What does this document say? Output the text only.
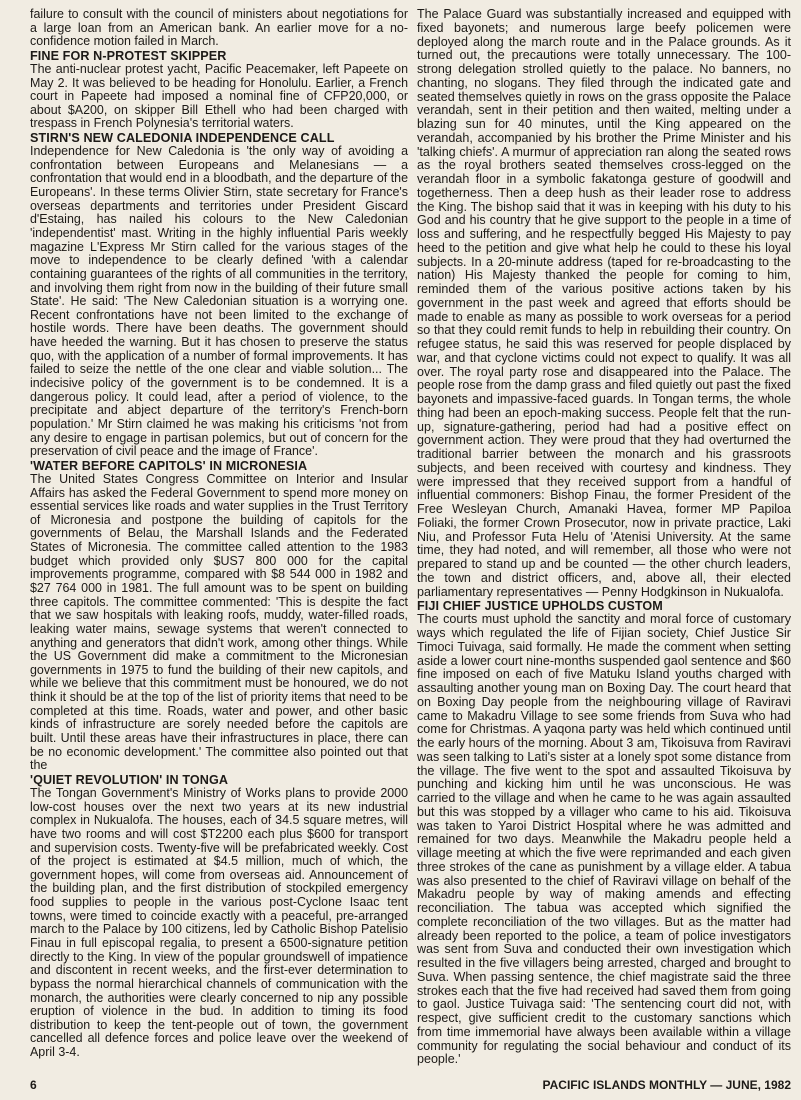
failure to consult with the council of ministers about negotiations for a large loan from an American bank. An earlier move for a no-confidence motion failed in March.

FINE FOR N-PROTEST SKIPPER

The anti-nuclear protest yacht, Pacific Peacemaker, left Papeete on May 2. It was believed to be heading for Honolulu. Earlier, a French court in Papeete had imposed a nominal fine of CFP20,000, or about $A200, on skipper Bill Ethell who had been charged with trespass in French Polynesia's territorial waters.

STIRN'S NEW CALEDONIA INDEPENDENCE CALL

Independence for New Caledonia is 'the only way of avoiding a confrontation between Europeans and Melanesians — a confrontation that would end in a bloodbath, and the departure of the Europeans'. In these terms Olivier Stirn, state secretary for France's overseas departments and territories under President Giscard d'Estaing, has nailed his colours to the New Caledonian 'independentist' mast. Writing in the highly influential Paris weekly magazine L'Express Mr Stirn called for the various stages of the move to independence to be clearly defined 'with a calendar containing guarantees of the rights of all communities in the territory, and involving them right from now in the building of their future small State'. He said: 'The New Caledonian situation is a worrying one. Recent confrontations have not been limited to the exchange of hostile words. There have been deaths. The government should have heeded the warning. But it has chosen to preserve the status quo, with the application of a number of formal improvements. It has failed to seize the nettle of the one clear and viable solution... The indecisive policy of the government is to be condemned. It is a dangerous policy. It could lead, after a period of violence, to the precipitate and abject departure of the territory's French-born population.' Mr Stirn claimed he was making his criticisms 'not from any desire to engage in partisan polemics, but out of concern for the preservation of civil peace and the image of France'.

'WATER BEFORE CAPITOLS' IN MICRONESIA

The United States Congress Committee on Interior and Insular Affairs has asked the Federal Government to spend more money on essential services like roads and water supplies in the Trust Territory of Micronesia and postpone the building of capitols for the governments of Belau, the Marshall Islands and the Federated States of Micronesia. The committee called attention to the 1983 budget which provided only $US7 800 000 for the capital improvements programme, compared with $8 544 000 in 1982 and $27 764 000 in 1981. The full amount was to be spent on building three capitols. The committee commented: 'This is despite the fact that we saw hospitals with leaking roofs, muddy, water-filled roads, leaking water mains, sewage systems that weren't connected to anything and generators that didn't work, among other things. While the US Government did make a commitment to the Micronesian governments in 1975 to fund the building of their new capitols, and while we believe that this commitment must be honoured, we do not think it should be at the top of the list of priority items that need to be completed at this time. Roads, water and power, and other basic kinds of infrastructure are sorely needed before the capitols are built. Until these areas have their infrastructures in place, there can be no economic development.' The committee also pointed out that the

'QUIET REVOLUTION' IN TONGA

The Tongan Government's Ministry of Works plans to provide 2000 low-cost houses over the next two years at its new industrial complex in Nukualofa. The houses, each of 34.5 square metres, will have two rooms and will cost $T2200 each plus $600 for transport and supervision costs. Twenty-five will be prefabricated weekly. Cost of the project is estimated at $4.5 million, much of which, the government hopes, will come from overseas aid. Announcement of the building plan, and the first distribution of stockpiled emergency food supplies to people in the various post-Cyclone Isaac tent towns, were timed to coincide exactly with a peaceful, pre-arranged march to the Palace by 100 citizens, led by Catholic Bishop Patelisio Finau in full episcopal regalia, to present a 6500-signature petition directly to the King. In view of the popular groundswell of impatience and discontent in recent weeks, and the first-ever determination to bypass the normal hierarchical channels of communication with the monarch, the authorities were clearly concerned to nip any possible eruption of violence in the bud. In addition to timing its food distribution to keep the tent-people out of town, the government cancelled all defence forces and police leave over the weekend of April 3-4.

The Palace Guard was substantially increased and equipped with fixed bayonets; and numerous large beefy policemen were deployed along the march route and in the Palace grounds. As it turned out, the precautions were totally unnecessary. The 100-strong delegation strolled quietly to the palace. No banners, no chanting, no slogans. They filed through the indicated gate and seated themselves quietly in rows on the grass opposite the Palace verandah, sent in their petition and then waited, melting under a blazing sun for 40 minutes, until the King appeared on the verandah, accompanied by his brother the Prime Minister and his 'talking chiefs'. A murmur of appreciation ran along the seated rows as the royal brothers seated themselves cross-legged on the verandah floor in a symbolic fakatonga gesture of goodwill and togetherness. Then a deep hush as their leader rose to address the King. The bishop said that it was in keeping with his duty to his God and his country that he give support to the people in a time of loss and suffering, and he respectfully begged His Majesty to pay heed to the petition and give what help he could to these his loyal subjects. In a 20-minute address (taped for re-broadcasting to the nation) His Majesty thanked the people for coming to him, reminded them of the various positive actions taken by his government in the past week and agreed that efforts should be made to enable as many as possible to work overseas for a period so that they could remit funds to help in rebuilding their country. On refugee status, he said this was reserved for people displaced by war, and that cyclone victims could not expect to qualify. It was all over. The royal party rose and disappeared into the Palace. The people rose from the damp grass and filed quietly out past the fixed bayonets and impassive-faced guards. In Tongan terms, the whole thing had been an epoch-making success. People felt that the run-up, signature-gathering, period had had a positive effect on government action. They were proud that they had overturned the traditional barrier between the monarch and his grassroots subjects, and been received with courtesy and kindness. They were impressed that they received support from a handful of influential commoners: Bishop Finau, the former President of the Free Wesleyan Church, Amanaki Havea, former MP Papiloa Foliaki, the former Crown Prosecutor, now in private practice, Laki Niu, and Professor Futa Helu of 'Atenisi University. At the same time, they had noted, and will remember, all those who were not prepared to stand up and be counted — the other church leaders, the town and district officers, and, above all, their elected parliamentary representatives — Penny Hodgkinson in Nukualofa.

FIJI CHIEF JUSTICE UPHOLDS CUSTOM

The courts must uphold the sanctity and moral force of customary ways which regulated the life of Fijian society, Chief Justice Sir Timoci Tuivaga, said formally. He made the comment when setting aside a lower court nine-months suspended gaol sentence and $60 fine imposed on each of five Matuku Island youths charged with assaulting another young man on Boxing Day. The court heard that on Boxing Day people from the neighbouring village of Raviravi came to Makadru Village to see some friends from Suva who had come for Christmas. A yaqona party was held which continued until the early hours of the morning. About 3 am, Tikoisuva from Raviravi was seen talking to Lati's sister at a lonely spot some distance from the village. The five went to the spot and assaulted Tikoisuva by punching and kicking him until he was unconscious. He was carried to the village and when he came to he was again assaulted but this was stopped by a villager who came to his aid. Tikoisuva was taken to Yaroi District Hospital where he was admitted and remained for two days. Meanwhile the Makadru people held a village meeting at which the five were reprimanded and each given three strokes of the cane as punishment by a village elder. A tabua was also presented to the chief of Raviravi village on behalf of the Makadru people by way of making amends and effecting reconciliation. The tabua was accepted which signified the complete reconciliation of the two villages. But as the matter had already been reported to the police, a team of police investigators was sent from Suva and conducted their own investigation which resulted in the five villagers being arrested, charged and brought to Suva. When passing sentence, the chief magistrate said the three strokes each that the five had received had saved them from going to gaol. Justice Tuivaga said: 'The sentencing court did not, with respect, give sufficient credit to the customary sanctions which from time immemorial have always been available within a village community for regulating the social behaviour and conduct of its people.'

6	PACIFIC ISLANDS MONTHLY — JUNE, 1982
